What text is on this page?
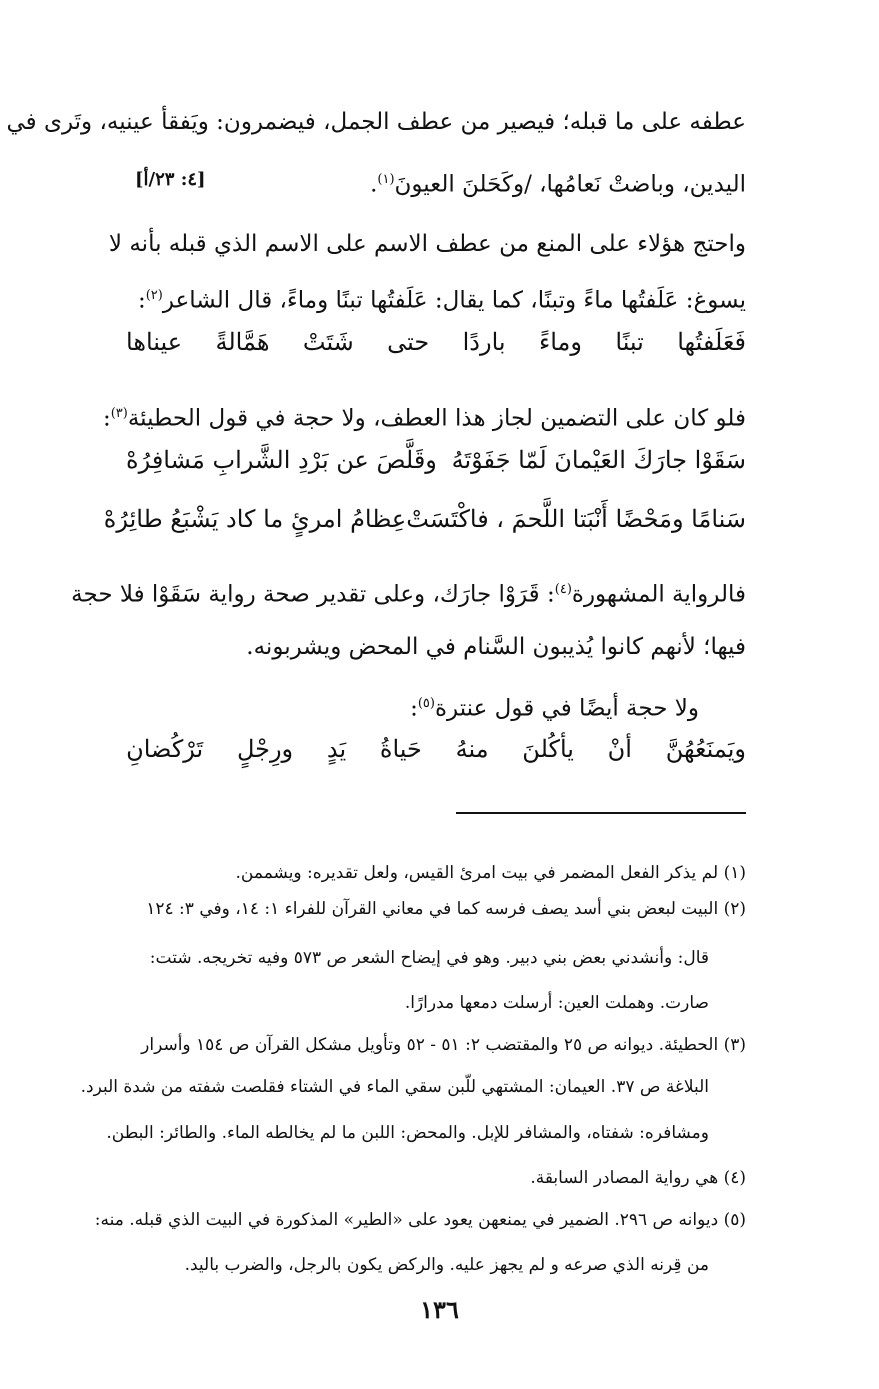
عطفه على ما قبله؛ فيصير من عطف الجمل، فيضمرون: ويَفقأ عينيه، وتَرى في

[٤: ٢٣/أ]	اليدين، وباضتْ نَعامُها، /وكَحَلنَ العيونَ$^{(١)}$.

واحتج هؤلاء على المنع من عطف الاسم على الاسم الذي قبله بأنه لا

يسوغ: عَلَفتُها ماءً وتبنًا، كما يقال: عَلَفتُها تبنًا وماءً، قال الشاعر$^{(٢)}$:

فَعَلَفتُها
تبنًا
وماءً
باردًا
حتى
شَتَتْ
هَمَّالةً
عيناها

فلو كان على التضمين لجاز هذا العطف، ولا حجة في قول الحطيئة$^{(٣)}$:

سَقَوْا جارَكَ العَيْمانَ لَمّا جَفَوْتَهُ
وقَلَّصَ عن بَرْدِ الشَّرابِ مَشافِرُهْ
سَنامًا ومَحْضًا أَنْبَتا اللَّحمَ ، فاكْتَسَتْ
عِظامُ امرئٍ ما كاد يَشْبَعُ طائِرُهْ

فالرواية المشهورة$^{(٤)}$: قَرَوْا جارَك، وعلى تقدير صحة رواية سَقَوْا فلا حجة

فيها؛ لأنهم كانوا يُذيبون السَّنام في المحض ويشربونه.

ولا حجة أيضًا في قول عنترة$^{(٥)}$:

ويَمنَعُهُنَّ
أنْ
يأكُلنَ
منهُ
حَياةُ
يَدٍ
ورِجْلٍ
تَرْكُضانِ

(١) لم يذكر الفعل المضمر في بيت امرئ القيس، ولعل تقديره: ويشممن.

(٢) البيت لبعض بني أسد يصف فرسه كما في معاني القرآن للفراء ١: ١٤، وفي ٣: ١٢٤

قال: وأنشدني بعض بني دبير. وهو في إيضاح الشعر ص ٥٧٣ وفيه تخريجه. شتت:

صارت. وهملت العين: أرسلت دمعها مدرارًا.

(٣) الحطيئة. ديوانه ص ٢٥ والمقتضب ٢: ٥١ - ٥٢ وتأويل مشكل القرآن ص ١٥٤ وأسرار

البلاغة ص ٣٧. العيمان: المشتهي للّبن سقي الماء في الشتاء فقلصت شفته من شدة البرد.

ومشافره: شفتاه، والمشافر للإبل. والمحض: اللبن ما لم يخالطه الماء. والطائر: البطن.

(٤) هي رواية المصادر السابقة.

(٥) ديوانه ص ٢٩٦. الضمير في يمنعهن يعود على «الطير» المذكورة في البيت الذي قبله. منه:

من قِرنه الذي صرعه و لم يجهز عليه. والركض يكون بالرجل، والضرب باليد.

١٣٦
